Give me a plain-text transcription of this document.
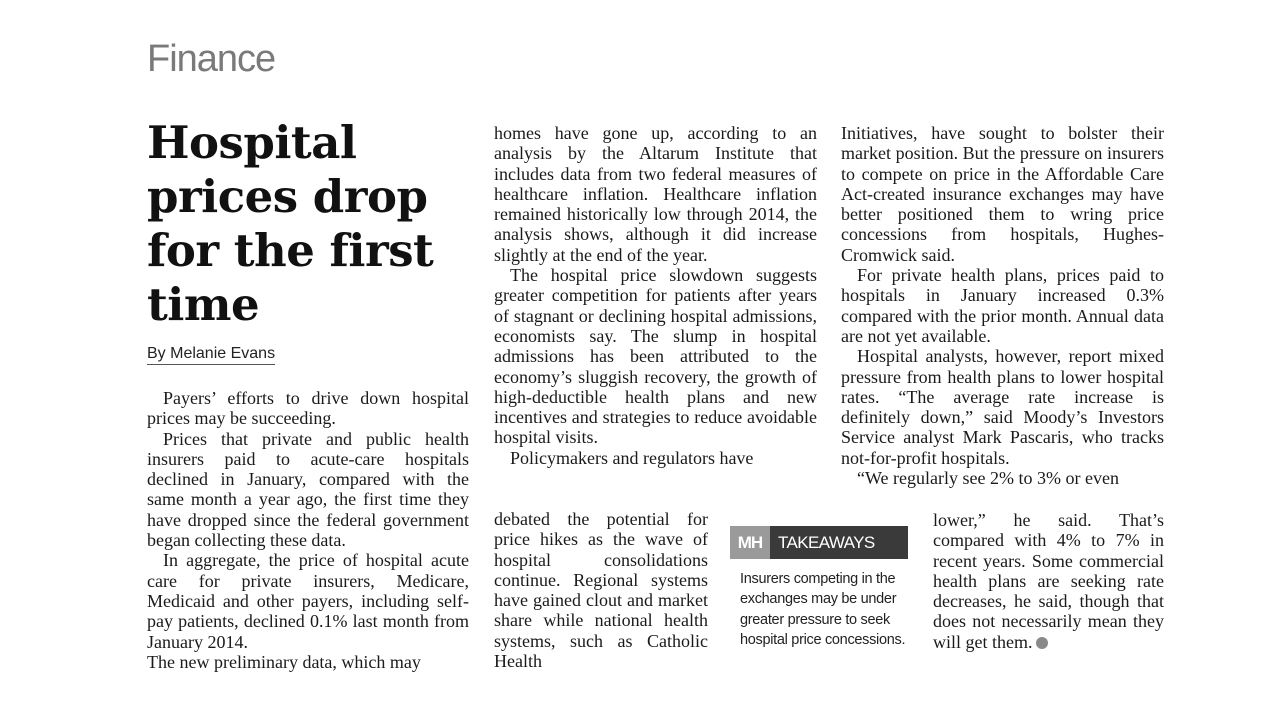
Finance
Hospital prices drop for the first time
By Melanie Evans

Payers’ efforts to drive down hospital prices may be succeeding.

Prices that private and public health insurers paid to acute-care hospitals declined in January, compared with the same month a year ago, the first time they have dropped since the federal government began collecting these data.

In aggregate, the price of hospital acute care for private insurers, Medicare, Medicaid and other payers, including self-pay patients, declined 0.1% last month from January 2014.

The new preliminary data, which may

homes have gone up, according to an analysis by the Altarum Institute that includes data from two federal measures of healthcare inflation. Healthcare inflation remained historically low through 2014, the analysis shows, although it did increase slightly at the end of the year.

The hospital price slowdown suggests greater competition for patients after years of stagnant or declining hospital admissions, economists say. The slump in hospital admissions has been attributed to the economy’s sluggish recovery, the growth of high-deductible health plans and new incentives and strategies to reduce avoidable hospital visits.

Policymakers and regulators have

debated the potential for price hikes as the wave of hospital consolidations continue. Regional systems have gained clout and market share while national health systems, such as Catholic Health

Initiatives, have sought to bolster their market position. But the pressure on insurers to compete on price in the Affordable Care Act-created insurance exchanges may have better positioned them to wring price concessions from hospitals, Hughes-Cromwick said.

For private health plans, prices paid to hospitals in January increased 0.3% compared with the prior month. Annual data are not yet available.

Hospital analysts, however, report mixed pressure from health plans to lower hospital rates. “The average rate increase is definitely down,” said Moody’s Investors Service analyst Mark Pascaris, who tracks not-for-profit hospitals.

“We regularly see 2% to 3% or even

lower,” he said. That’s compared with 4% to 7% in recent years. Some commercial health plans are seeking rate decreases, he said, though that does not necessarily mean they will get them.

MH TAKEAWAYS
Insurers competing in the exchanges may be under greater pressure to seek hospital price concessions.
